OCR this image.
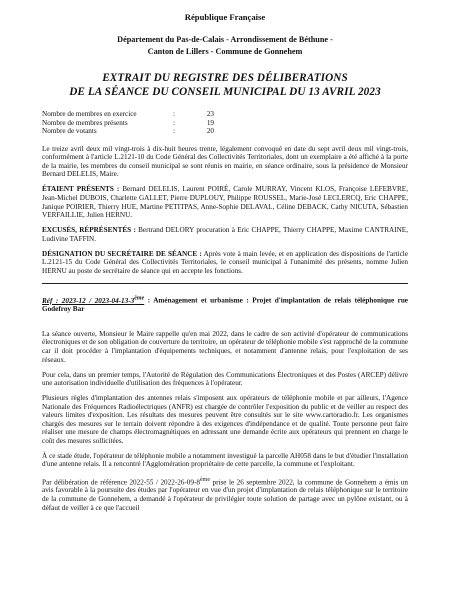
République Française
Département du Pas-de-Calais - Arrondissement de Béthune -
Canton de Lillers - Commune de Gonnehem
EXTRAIT DU REGISTRE DES DÉLIBERATIONS
DE LA SÉANCE DU CONSEIL MUNICIPAL DU 13 AVRIL 2023
Nombre de membres en exercice	:	23
Nombre de membres présents	:	19
Nombre de votants	:	20

Le treize avril deux mil vingt-trois à dix-huit heures trente, légalement convoqué en date du sept avril deux mil vingt-trois, conformément à l'article L.2121-10 du Code Général des Collectivités Territoriales, dont un exemplaire a été affiché à la porte de la mairie, les membres du conseil municipal se sont réunis en mairie, en séance ordinaire, sous la présidence de Monsieur Bernard DELELIS, Maire.

ÉTAIENT PRÉSENTS : Bernard DELELIS, Laurent POIRÉ, Carole MURRAY, Vincent KLOS, Françoise LEFEBVRE, Jean-Michel DUBOIS, Charlette GALLET, Pierre DUPLOUY, Philippe ROUSSEL, Marie-José LECLERCQ, Eric CHAPPE, Janique POIRIER, Thierry HUE, Martine PETITPAS, Anne-Sophie DELAVAL, Céline DEBACK, Cathy NICUTA, Sébastien VERFAILLIE, Julien HERNU.

EXCUSÉS, RÉPRÉSENTÉS : Bertrand DELORY procuration à Eric CHAPPE, Thierry CHAPPE, Maxime CANTRAINE, Ludivine TAFFIN.

DÉSIGNATION DU SECRÉTAIRE DE SÉANCE : Après vote à main levée, et en application des dispositions de l'article L.2121-15 du Code Général des Collectivités Territoriales, le conseil municipal à l'unanimité des présents, nomme Julien HERNU au poste de secrétaire de séance qui en accepte les fonctions.

Réf : 2023-12 / 2023-04-13-3ème : Aménagement et urbanisme : Projet d'implantation de relais téléphonique rue Godefroy Bar

La séance ouverte, Monsieur le Maire rappelle qu'en mai 2022, dans le cadre de son activité d'opérateur de communications électroniques et de son obligation de couverture du territoire, un opérateur de téléphonie mobile s'est rapproché de la commune car il doit procéder à l'implantation d'équipements techniques, et notamment d'antenne relais, pour l'exploitation de ses réseaux.

Pour cela, dans un premier temps, l'Autorité de Régulation des Communications Électroniques et des Postes (ARCEP) délivre une autorisation individuelle d'utilisation des fréquences à l'opérateur.

Plusieurs règles d'implantation des antennes relais s'imposent aux opérateurs de téléphonie mobile et par ailleurs, l'Agence Nationale des Fréquences Radioélectriques (ANFR) est chargée de contrôler l'exposition du public et de veiller au respect des valeurs limites d'exposition. Les résultats des mesures peuvent être consultés sur le site www.cartoradio.fr. Les organismes chargés des mesures sur le terrain doivent répondre à des exigences d'indépendance et de qualité. Toute personne peut faire réaliser une mesure de champs électromagnétiques en adressant une demande écrite aux opérateurs qui prennent en charge le coût des mesures sollicitées.

À ce stade étude, l'opérateur de téléphonie mobile a notamment investigué la parcelle AH058 dans le but d'étudier l'installation d'une antenne relais. Il a rencontré l'Agglomération propriétaire de cette parcelle, la commune et l'exploitant.

Par délibération de référence 2022-55 / 2022-26-09-8ème prise le 26 septembre 2022, la commune de Gonnehem a émis un avis favorable à la poursuite des études par l'opérateur en vue d'un projet d'implantation de relais téléphonique sur le territoire de la commune de Gonnehem, a demandé à l'opérateur de privilégier toute solution de partage avec un pylône existant, ou à défaut de veiller à ce que l'accueil
